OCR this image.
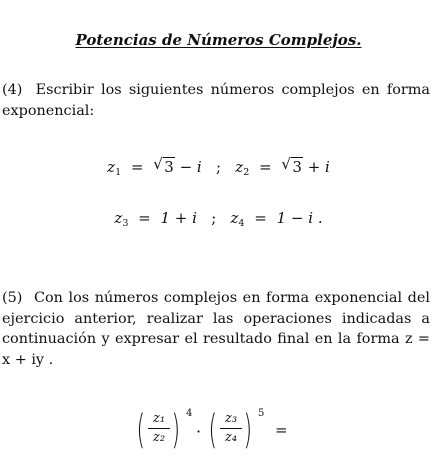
Potencias de Números Complejos.
(4) Escribir los siguientes números complejos en forma exponencial:
$z_1$ = √ 3 − i ; $z_2$ = √ 3 + i
$z_3 = 1 + i$ ; $z_4 = 1 - i$ .
(5) Con los números complejos en forma exponencial del ejercicio anterior, realizar las operaciones indicadas a continuación y expresar el resultado final en la forma z = x + iy .
( $\frac{\text{z₁}}{\text{z₂}}$ ) 4
· ( $\frac{\text{z₃}}{\text{z₄}}$ ) 5
=
